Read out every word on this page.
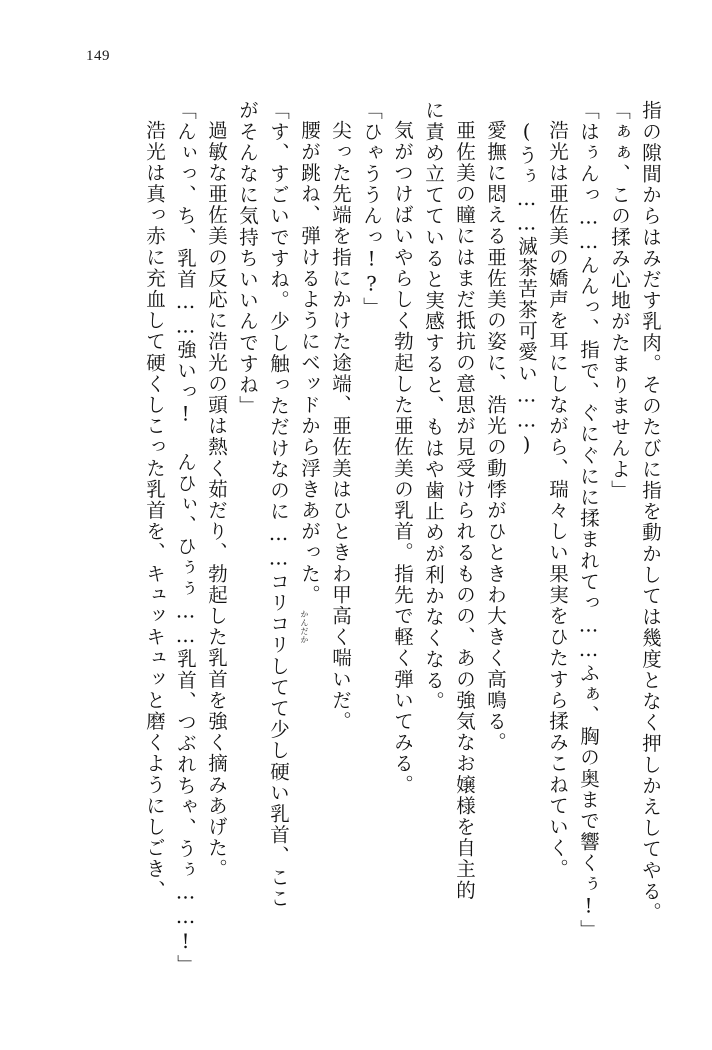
149
指の隙間からはみだす乳肉。そのたびに指を動かしては幾度となく押しかえしてやる。
「ぁぁ、この揉み心地がたまりませんよ」
「はぅんっ……んんっ、指で、ぐにぐにに揉まれてっ……ふぁ、胸の奥まで響くぅ!」
浩光は亜佐美の嬌声を耳にしながら、瑞々しい果実をひたすら揉みこねていく。
(うぅ……滅茶苦茶可愛い……)
愛撫に悶える亜佐美の姿に、浩光の動悸がひときわ大きく高鳴る。
亜佐美の瞳にはまだ抵抗の意思が見受けられるものの、あの強気なお嬢様を自主的
に責め立てていると実感すると、もはや歯止めが利かなくなる。
気がつけばいやらしく勃起した亜佐美の乳首。指先で軽く弾いてみる。
「ひゃううんっ!?」
尖った先端を指にかけた途端、亜佐美はひときわ甲高く喘いだ。
腰が跳ね、弾けるようにベッドから浮きあがった。
「す、すごいですね。少し触っただけなのに……コリコリしてて少し硬い乳首、ここ
がそんなに気持ちいいんですね」
過敏な亜佐美の反応に浩光の頭は熱く茹だり、勃起した乳首を強く摘みあげた。
「んぃっ、ち、乳首……強いっ! んひぃ、ひぅぅ……乳首、つぶれちゃ、うぅ……!」
浩光は真っ赤に充血して硬くしこった乳首を、キュッキュッと磨くようにしごき、	かんだか
